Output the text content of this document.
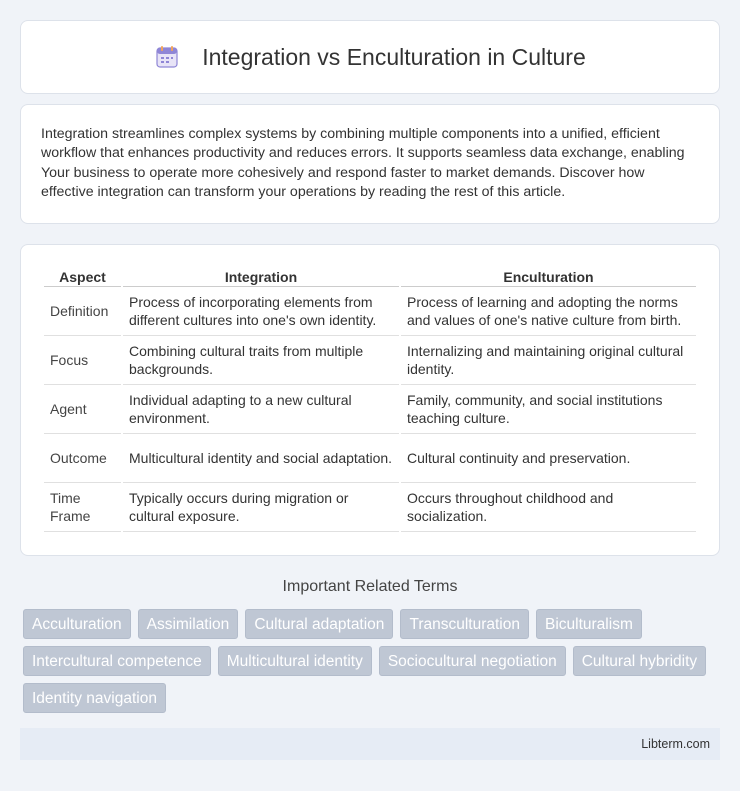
Integration vs Enculturation in Culture

Integration streamlines complex systems by combining multiple components into a unified, efficient workflow that enhances productivity and reduces errors. It supports seamless data exchange, enabling Your business to operate more cohesively and respond faster to market demands. Discover how effective integration can transform your operations by reading the rest of this article.

Aspect	Integration	Enculturation
Definition	Process of incorporating elements from different cultures into one's own identity.	Process of learning and adopting the norms and values of one's native culture from birth.
Focus	Combining cultural traits from multiple backgrounds.	Internalizing and maintaining original cultural identity.
Agent	Individual adapting to a new cultural environment.	Family, community, and social institutions teaching culture.
Outcome	Multicultural identity and social adaptation.	Cultural continuity and preservation.
Time Frame	Typically occurs during migration or cultural exposure.	Occurs throughout childhood and socialization.
Important Related Terms
Acculturation	Assimilation	Cultural adaptation	Transculturation	Biculturalism
Intercultural competence	Multicultural identity	Sociocultural negotiation	Cultural hybridity
Identity navigation
Libterm.com
